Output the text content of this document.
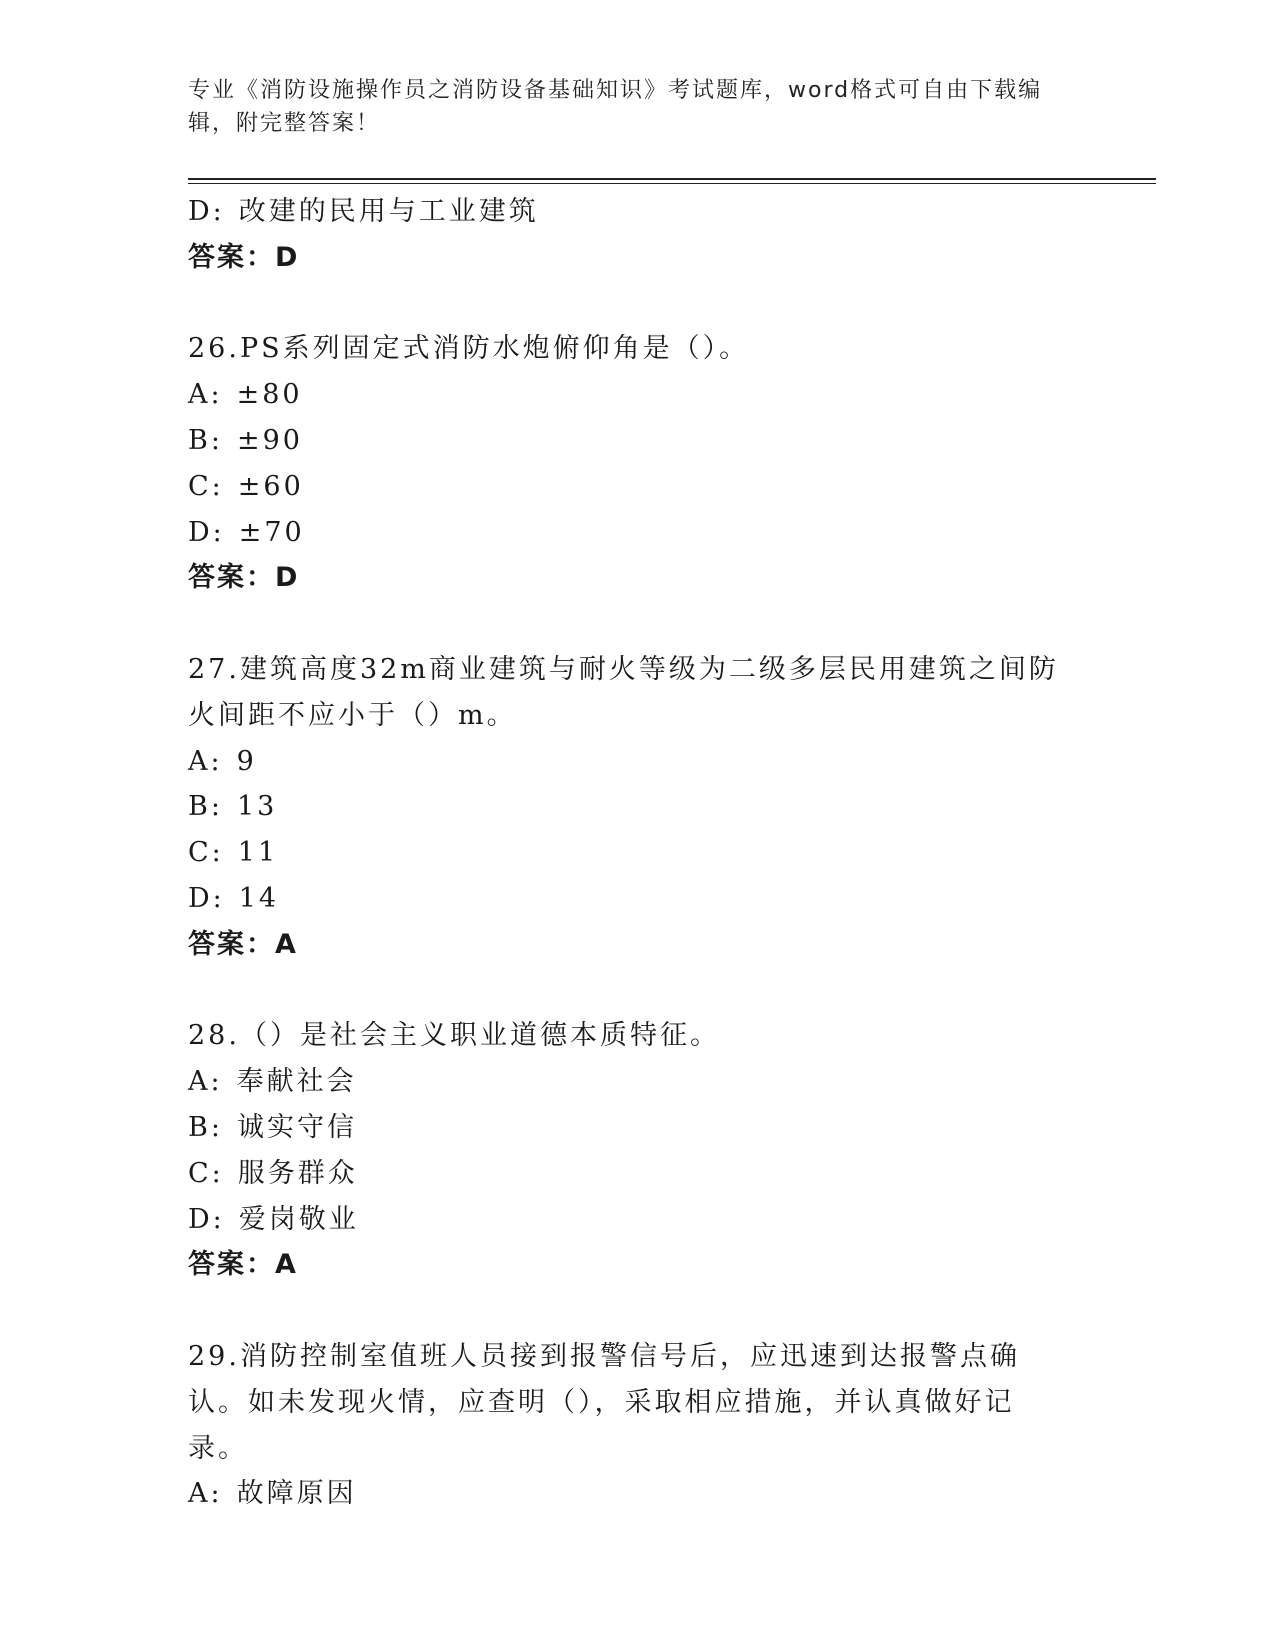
专业《消防设施操作员之消防设备基础知识》考试题库，word格式可自由下载编辑，附完整答案！
D: 改建的民用与工业建筑
答案：D
26.PS系列固定式消防水炮俯仰角是（）。
A: ±80
B: ±90
C: ±60
D: ±70
答案：D
27.建筑高度32m商业建筑与耐火等级为二级多层民用建筑之间防火间距不应小于（）m。
A: 9
B: 13
C: 11
D: 14
答案：A
28.（）是社会主义职业道德本质特征。
A: 奉献社会
B: 诚实守信
C: 服务群众
D: 爱岗敬业
答案：A
29.消防控制室值班人员接到报警信号后，应迅速到达报警点确认。如未发现火情，应查明（），采取相应措施，并认真做好记录。
A: 故障原因
